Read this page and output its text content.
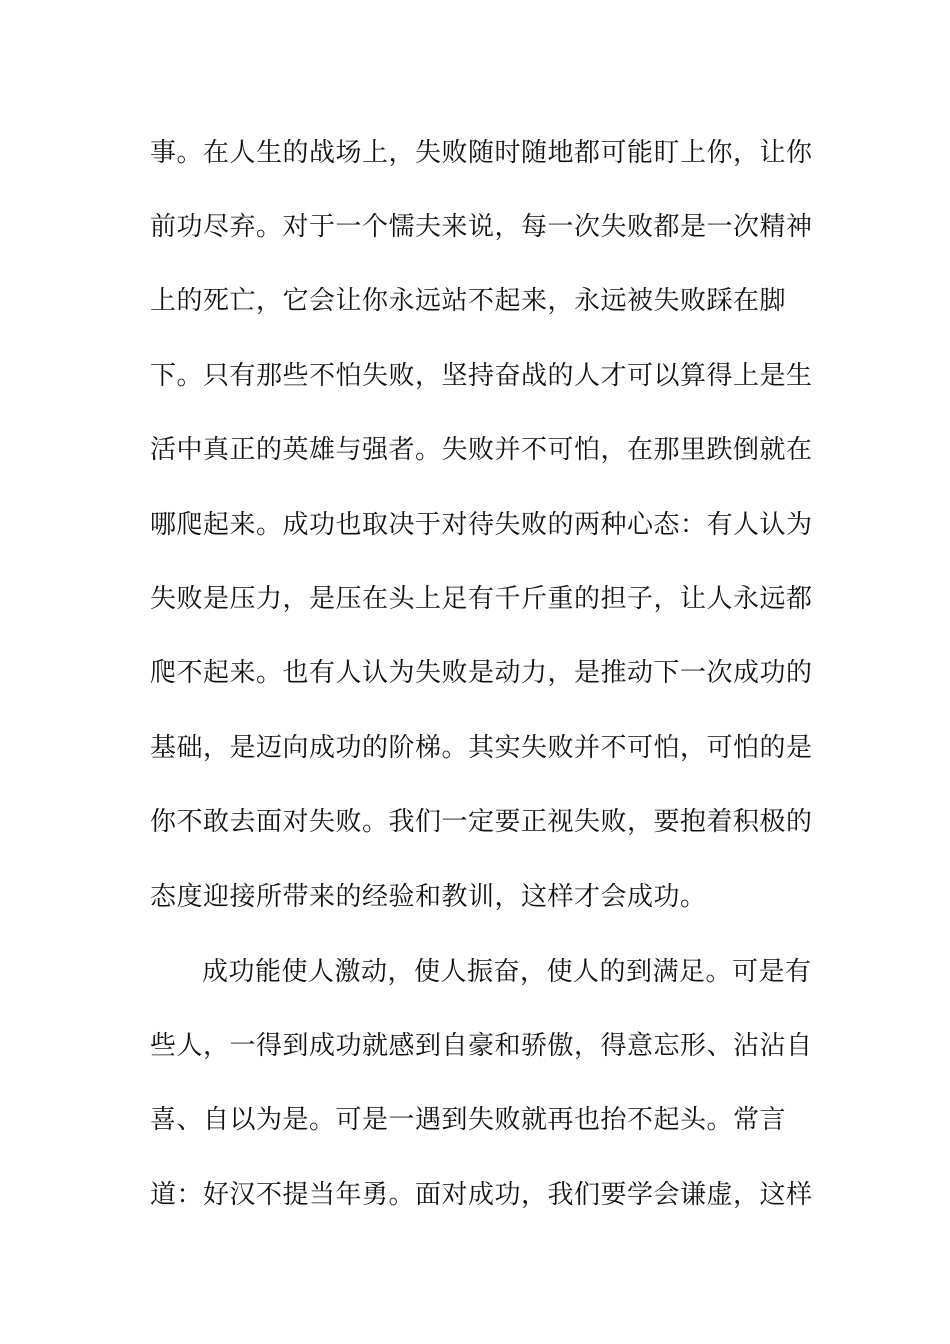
事。在人生的战场上，失败随时随地都可能盯上你，让你
前功尽弃。对于一个懦夫来说，每一次失败都是一次精神
上的死亡，它会让你永远站不起来，永远被失败踩在脚
下。只有那些不怕失败，坚持奋战的人才可以算得上是生
活中真正的英雄与强者。失败并不可怕，在那里跌倒就在
哪爬起来。成功也取决于对待失败的两种心态：有人认为
失败是压力，是压在头上足有千斤重的担子，让人永远都
爬不起来。也有人认为失败是动力，是推动下一次成功的
基础，是迈向成功的阶梯。其实失败并不可怕，可怕的是
你不敢去面对失败。我们一定要正视失败，要抱着积极的
态度迎接所带来的经验和教训，这样才会成功。
成功能使人激动，使人振奋，使人的到满足。可是有
些人，一得到成功就感到自豪和骄傲，得意忘形、沾沾自
喜、自以为是。可是一遇到失败就再也抬不起头。常言
道：好汉不提当年勇。面对成功，我们要学会谦虚，这样
